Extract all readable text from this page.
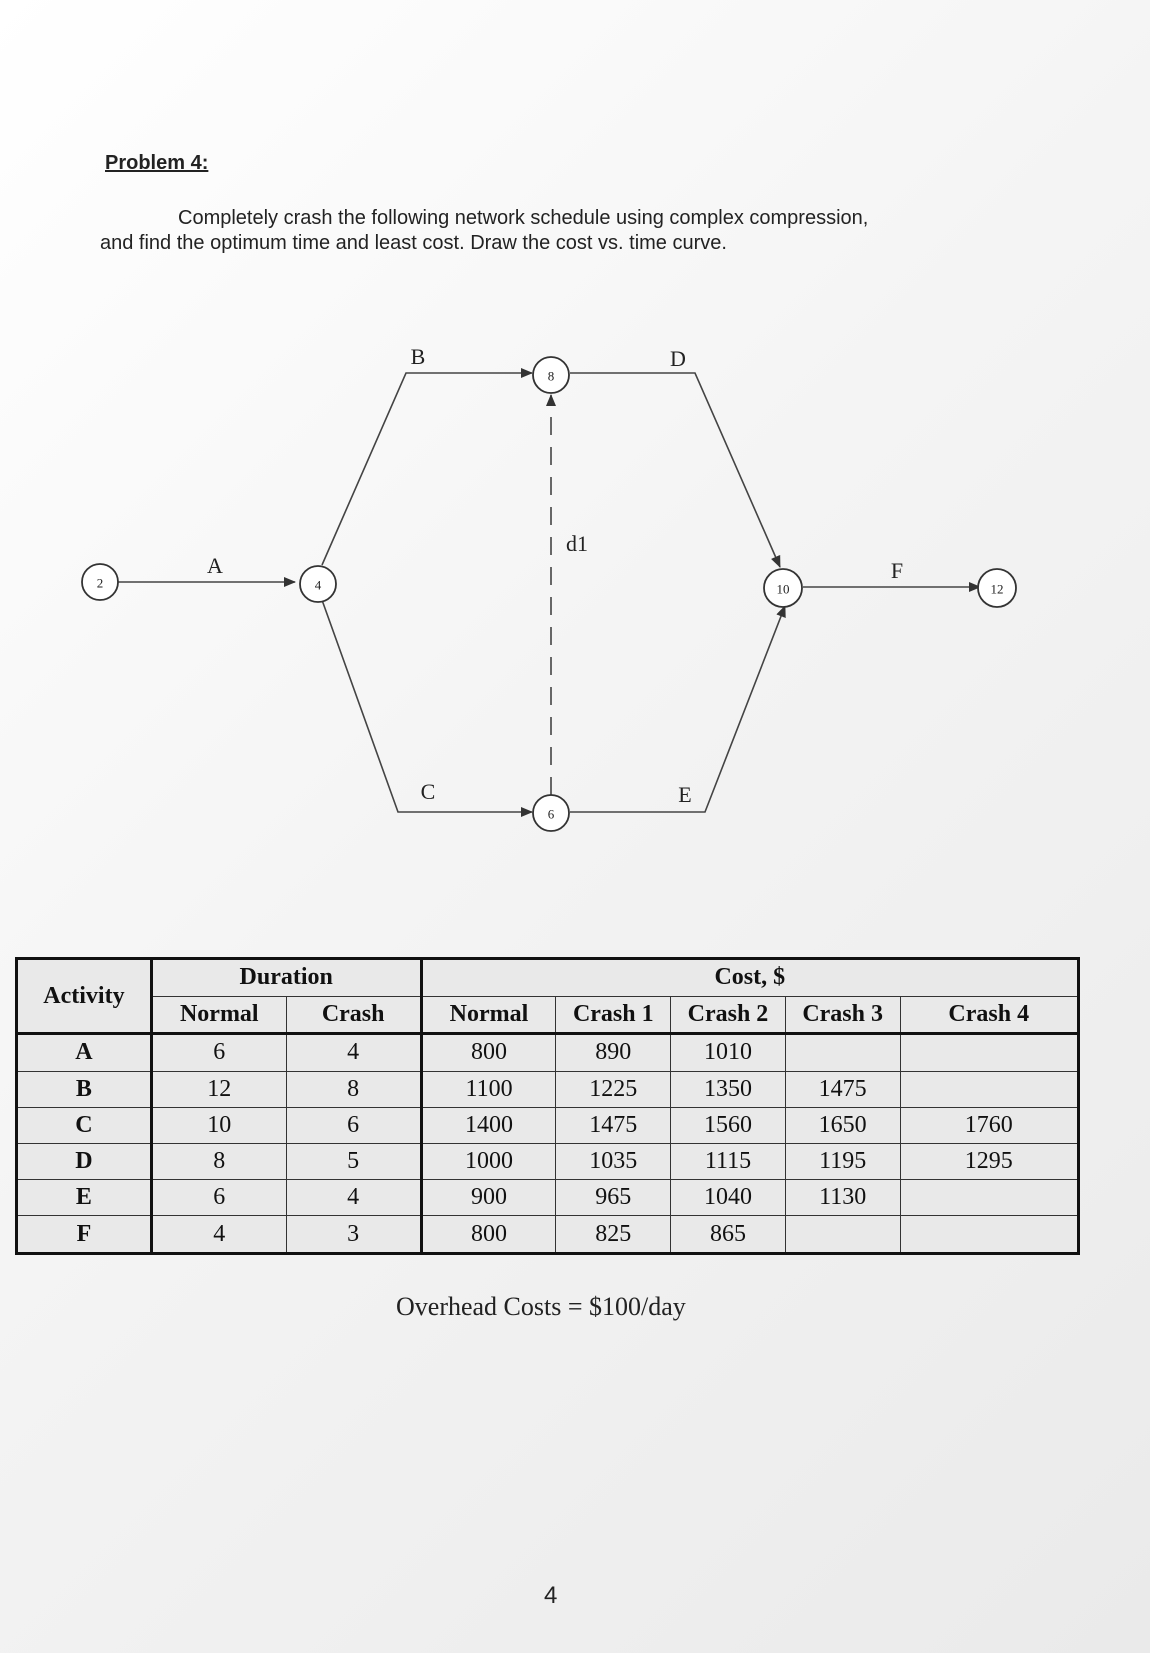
Problem 4:
Completely crash the following network schedule using complex compression,
and find the optimum time and least cost. Draw the cost vs. time curve.
2	4
8
6
10	12
A
B
C
D
E
F
d1
Activity	Duration		Cost, $				
	Normal	Crash	Normal	Crash 1	Crash 2	Crash 3	Crash 4
A	6	4	800	890	1010		
B	12	8	1100	1225	1350	1475	
C	10	6	1400	1475	1560	1650	1760
D	8	5	1000	1035	1115	1195	1295
E	6	4	900	965	1040	1130	
F	4	3	800	825	865		
Overhead Costs = $100/day
4
